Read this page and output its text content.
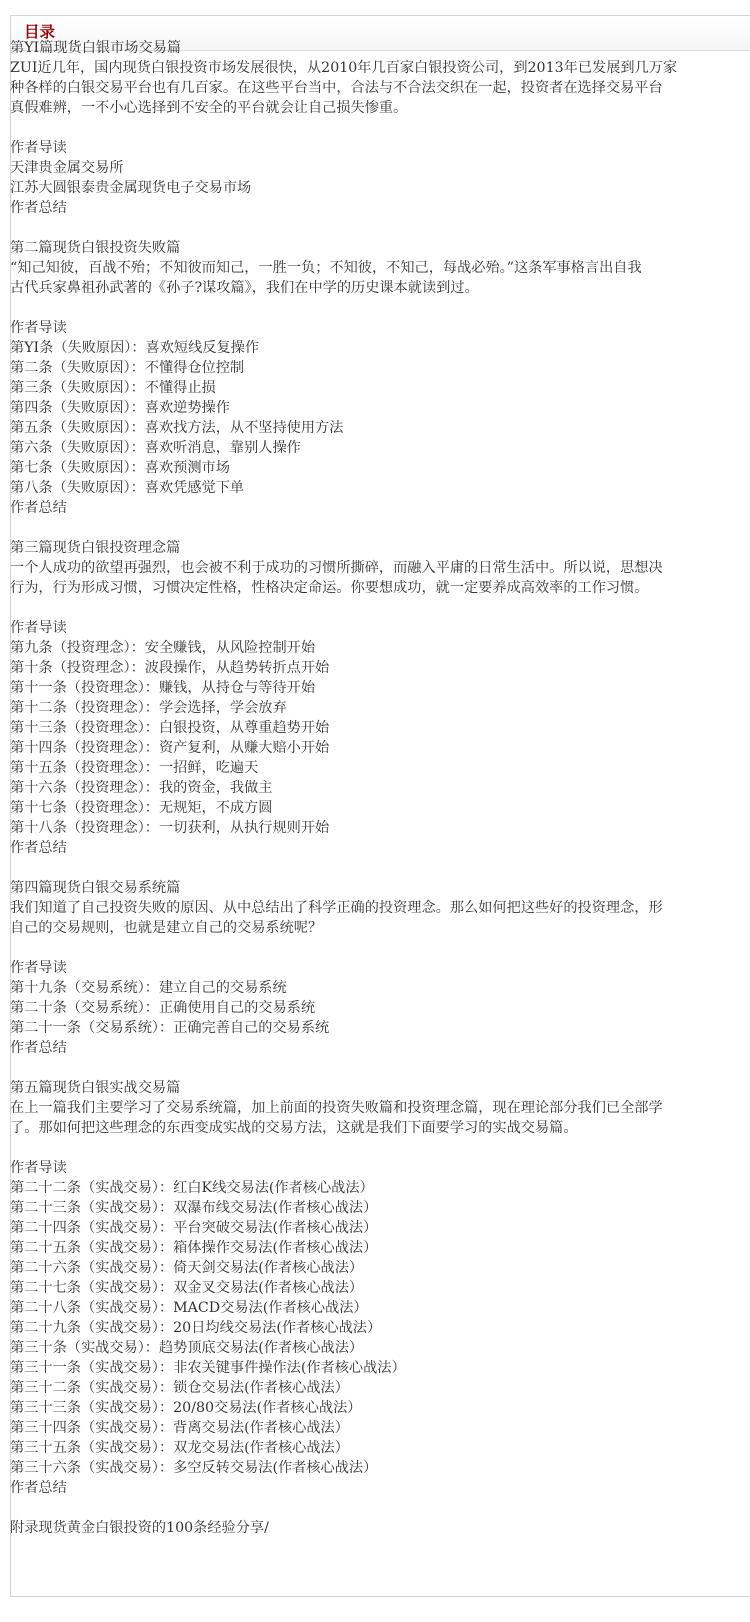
目录
第YI篇现货白银市场交易篇
ZUI近几年，国内现货白银投资市场发展很快，从2010年几百家白银投资公司，到2013年已发展到几万家
种各样的白银交易平台也有几百家。在这些平台当中，合法与不合法交织在一起，投资者在选择交易平台
真假难辨，一不小心选择到不安全的平台就会让自己损失惨重。
作者导读
天津贵金属交易所
江苏大圆银泰贵金属现货电子交易市场
作者总结
第二篇现货白银投资失败篇
“知己知彼，百战不殆；不知彼而知己，一胜一负；不知彼，不知己，每战必殆。”这条军事格言出自我
古代兵家鼻祖孙武著的《孙子?谋攻篇》，我们在中学的历史课本就读到过。
作者导读
第YI条（失败原因）：喜欢短线反复操作
第二条（失败原因）：不懂得仓位控制
第三条（失败原因）：不懂得止损
第四条（失败原因）：喜欢逆势操作
第五条（失败原因）：喜欢找方法，从不坚持使用方法
第六条（失败原因）：喜欢听消息，靠别人操作
第七条（失败原因）：喜欢预测市场
第八条（失败原因）：喜欢凭感觉下单
作者总结
第三篇现货白银投资理念篇
一个人成功的欲望再强烈，也会被不利于成功的习惯所撕碎，而融入平庸的日常生活中。所以说，思想决
行为，行为形成习惯，习惯决定性格，性格决定命运。你要想成功，就一定要养成高效率的工作习惯。
作者导读
第九条（投资理念）：安全赚钱，从风险控制开始
第十条（投资理念）：波段操作，从趋势转折点开始
第十一条（投资理念）：赚钱，从持仓与等待开始
第十二条（投资理念）：学会选择，学会放弃
第十三条（投资理念）：白银投资，从尊重趋势开始
第十四条（投资理念）：资产复利，从赚大赔小开始
第十五条（投资理念）：一招鲜，吃遍天
第十六条（投资理念）：我的资金，我做主
第十七条（投资理念）：无规矩，不成方圆
第十八条（投资理念）：一切获利，从执行规则开始
作者总结
第四篇现货白银交易系统篇
我们知道了自己投资失败的原因、从中总结出了科学正确的投资理念。那么如何把这些好的投资理念，形
自己的交易规则，也就是建立自己的交易系统呢？
作者导读
第十九条（交易系统）：建立自己的交易系统
第二十条（交易系统）：正确使用自己的交易系统
第二十一条（交易系统）：正确完善自己的交易系统
作者总结
第五篇现货白银实战交易篇
在上一篇我们主要学习了交易系统篇，加上前面的投资失败篇和投资理念篇，现在理论部分我们已全部学
了。那如何把这些理念的东西变成实战的交易方法，这就是我们下面要学习的实战交易篇。
作者导读
第二十二条（实战交易）：红白K线交易法(作者核心战法）
第二十三条（实战交易）：双瀑布线交易法(作者核心战法）
第二十四条（实战交易）：平台突破交易法(作者核心战法）
第二十五条（实战交易）：箱体操作交易法(作者核心战法）
第二十六条（实战交易）：倚天剑交易法(作者核心战法）
第二十七条（实战交易）：双金叉交易法(作者核心战法）
第二十八条（实战交易）：MACD交易法(作者核心战法）
第二十九条（实战交易）：20日均线交易法(作者核心战法）
第三十条（实战交易）：趋势顶底交易法(作者核心战法）
第三十一条（实战交易）：非农关键事件操作法(作者核心战法）
第三十二条（实战交易）：锁仓交易法(作者核心战法）
第三十三条（实战交易）：20/80交易法(作者核心战法）
第三十四条（实战交易）：背离交易法(作者核心战法）
第三十五条（实战交易）：双龙交易法(作者核心战法）
第三十六条（实战交易）：多空反转交易法(作者核心战法）
作者总结
附录现货黄金白银投资的100条经验分享/
